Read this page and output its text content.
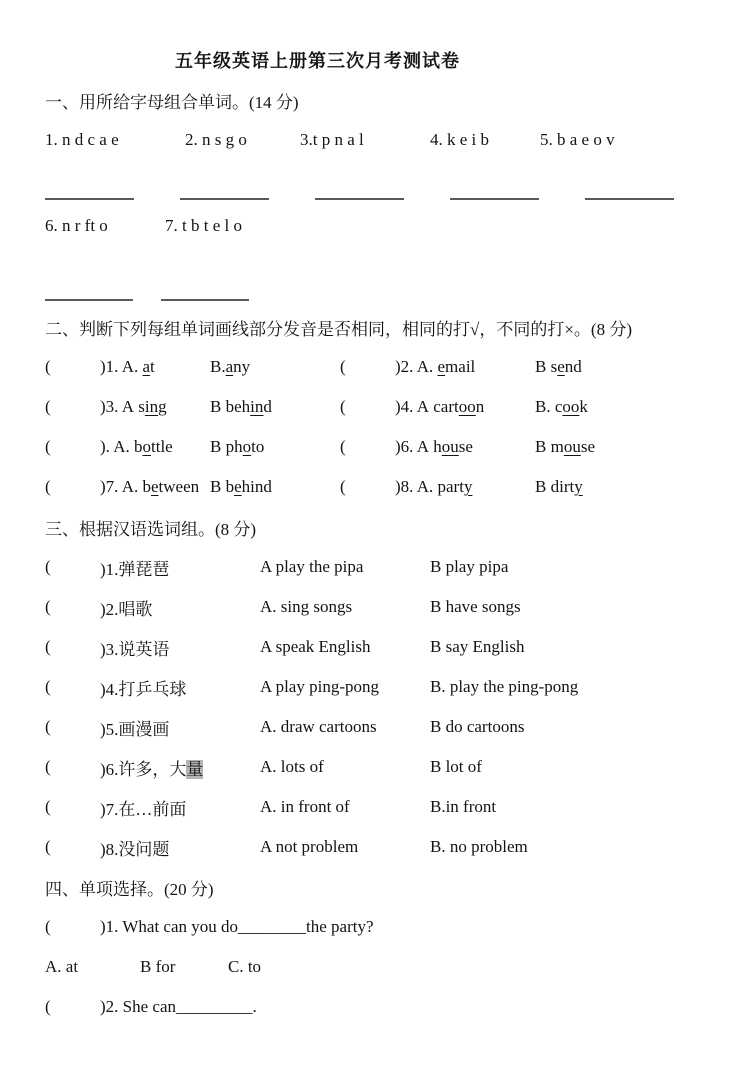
五年级英语上册第三次月考测试卷
一、用所给字母组合单词。(14 分)
1. n d c a e	2. n s g o	3.t p n a l	4. k e i b	5. b a e o v
6. n r ft o	7. t b t e l o
二、判断下列每组单词画线部分发音是否相同，相同的打√，不同的打×。(8 分)
(	)1. A. at	B.any	(	)2. A. email	B send
(	)3. A sing	B behind	(	)4. A cartoon	B. cook
(	). A. bottle	B photo	(	)6. A house	B mouse
(	)7. A. between B behind	(	)8. A. party	B dirty
三、根据汉语选词组。(8 分)
(	)1.弹琵琶	A play the pipa	B play pipa
(	)2.唱歌	A. sing songs	B have songs
(	)3.说英语	A speak English	B say English
(	)4.打乒乓球	A play ping-pong	B. play the ping-pong
(	)5.画漫画	A. draw cartoons	B do cartoons
(	)6.许多，大量	A. lots of	B lot of
(	)7.在…前面	A. in front of	B.in front
(	)8.没问题	A not problem	B. no problem
四、单项选择。(20 分)
(	)1. What can you do________the party?
A. at	B for	C. to
(	)2. She can_________.
